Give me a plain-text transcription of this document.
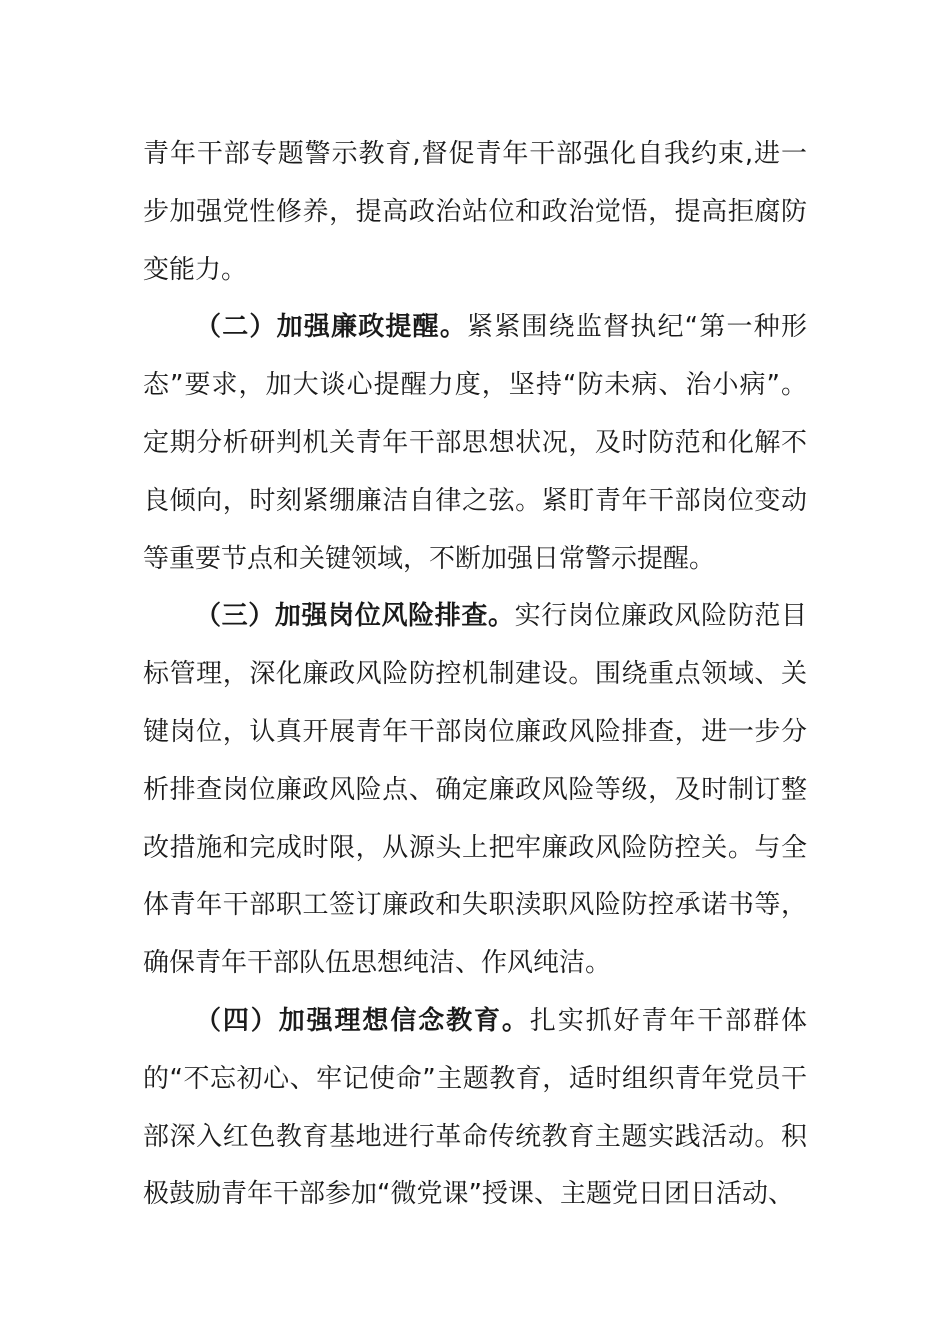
青年干部专题警示教育,督促青年干部强化自我约束,进一步加强党性修养，提高政治站位和政治觉悟，提高拒腐防变能力。

（二）加强廉政提醒。紧紧围绕监督执纪“第一种形态”要求，加大谈心提醒力度，坚持“防未病、治小病”。定期分析研判机关青年干部思想状况，及时防范和化解不良倾向，时刻紧绷廉洁自律之弦。紧盯青年干部岗位变动等重要节点和关键领域，不断加强日常警示提醒。

（三）加强岗位风险排查。实行岗位廉政风险防范目标管理，深化廉政风险防控机制建设。围绕重点领域、关键岗位，认真开展青年干部岗位廉政风险排查，进一步分析排查岗位廉政风险点、确定廉政风险等级，及时制订整改措施和完成时限，从源头上把牢廉政风险防控关。与全体青年干部职工签订廉政和失职渎职风险防控承诺书等，确保青年干部队伍思想纯洁、作风纯洁。

（四）加强理想信念教育。扎实抓好青年干部群体的“不忘初心、牢记使命”主题教育，适时组织青年党员干部深入红色教育基地进行革命传统教育主题实践活动。积极鼓励青年干部参加“微党课”授课、主题党日团日活动、
